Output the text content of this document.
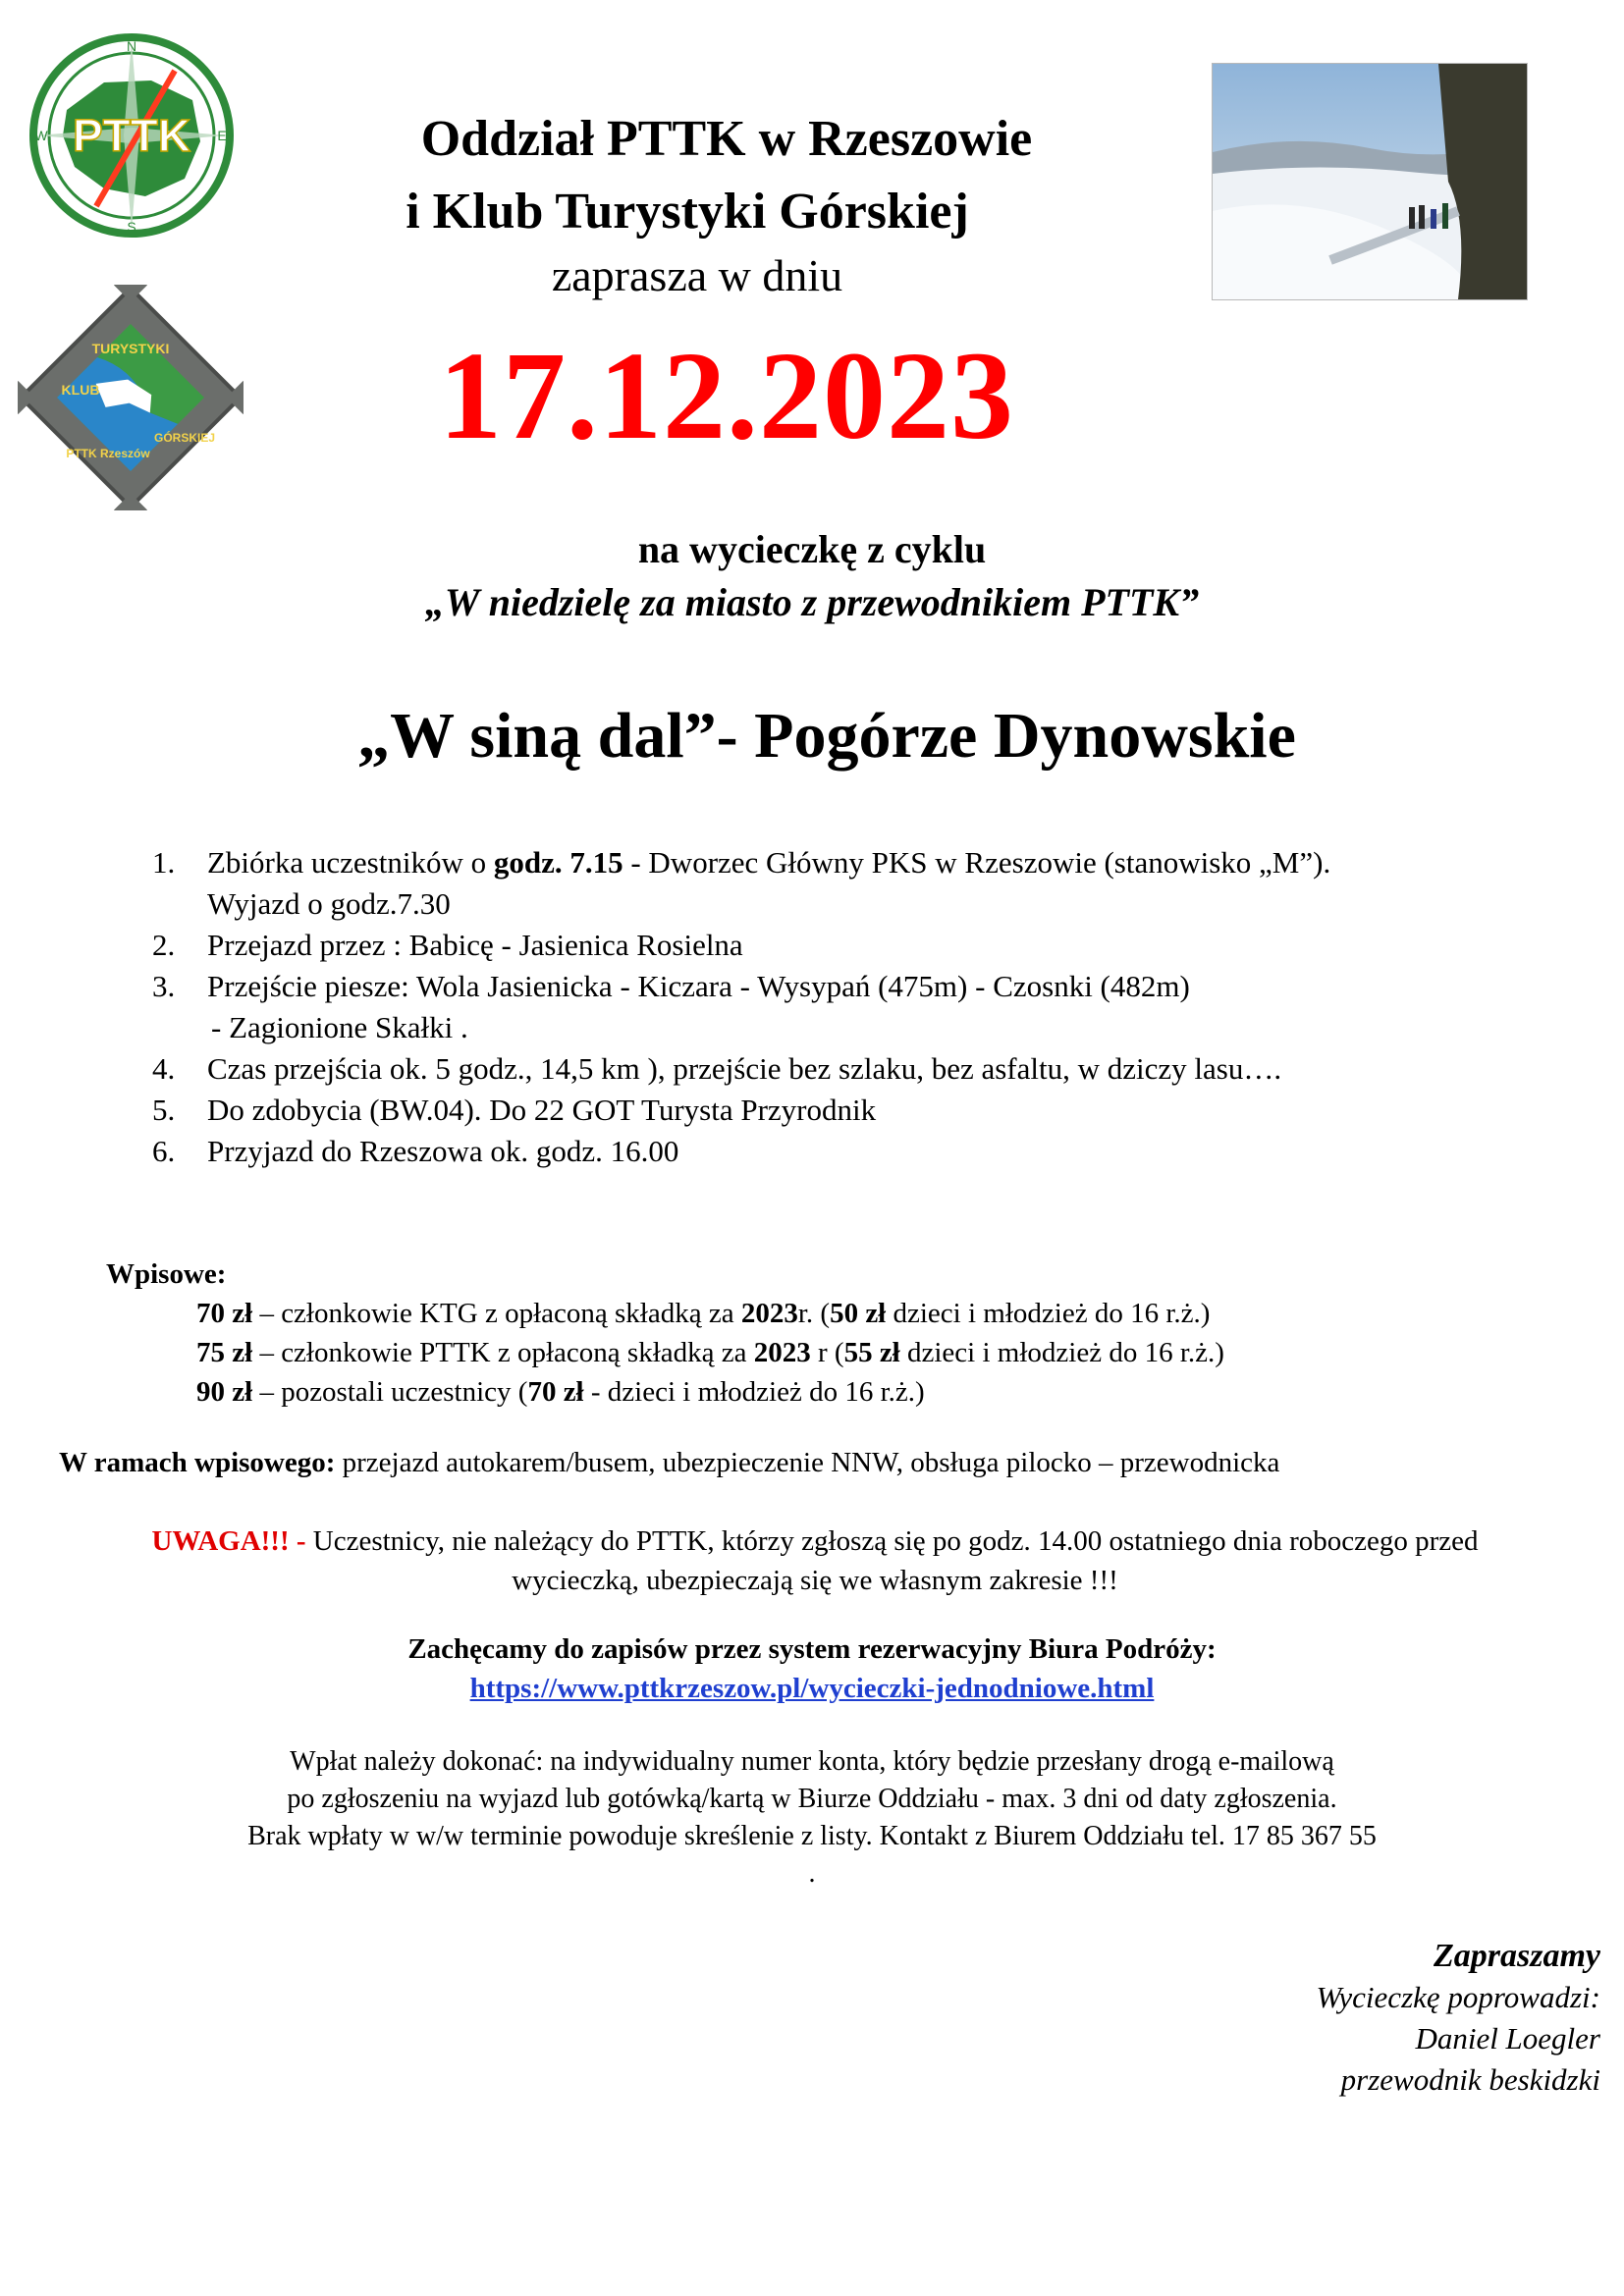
PTTK
N
E
S
W
TURYSTYKI
KLUB
GÓRSKIEJ
PTTK Rzeszów
Oddział PTTK w Rzeszowie
i Klub Turystyki Górskiej
zaprasza w dniu
17.12.2023
na wycieczkę z cyklu
„W niedzielę za miasto z przewodnikiem PTTK”
„W siną dal”- Pogórze Dynowskie
1.	Zbiórka uczestników o godz. 7.15 - Dworzec Główny PKS w Rzeszowie (stanowisko „M”).
Wyjazd o godz.7.30
2.	Przejazd przez : Babicę - Jasienica Rosielna
3.	Przejście piesze: Wola Jasienicka - Kiczara - Wysypań (475m) - Czosnki (482m)
- Zagionione Skałki .
4.	Czas przejścia ok. 5 godz., 14,5 km ), przejście bez szlaku, bez asfaltu, w dziczy lasu….
5.	Do zdobycia (BW.04). Do 22 GOT Turysta Przyrodnik
6.	Przyjazd do Rzeszowa ok. godz. 16.00
Wpisowe:
70 zł – członkowie KTG z opłaconą składką za 2023r. (50 zł dzieci i młodzież do 16 r.ż.)
75 zł – członkowie PTTK z opłaconą składką za 2023 r (55 zł dzieci i młodzież do 16 r.ż.)
90 zł – pozostali uczestnicy (70 zł - dzieci i młodzież do 16 r.ż.)
W ramach wpisowego: przejazd autokarem/busem, ubezpieczenie NNW, obsługa pilocko – przewodnicka
UWAGA!!! - Uczestnicy, nie należący do PTTK, którzy zgłoszą się po godz. 14.00 ostatniego dnia roboczego przed
wycieczką, ubezpieczają się we własnym zakresie !!!
Zachęcamy do zapisów przez system rezerwacyjny Biura Podróży:
https://www.pttkrzeszow.pl/wycieczki-jednodniowe.html
Wpłat należy dokonać: na indywidualny numer konta, który będzie przesłany drogą e-mailową
po zgłoszeniu na wyjazd lub gotówką/kartą w Biurze Oddziału - max. 3 dni od daty zgłoszenia.
Brak wpłaty w w/w terminie powoduje skreślenie z listy. Kontakt z Biurem Oddziału tel. 17 85 367 55
.
Zapraszamy
Wycieczkę poprowadzi:
Daniel Loegler
przewodnik beskidzki
